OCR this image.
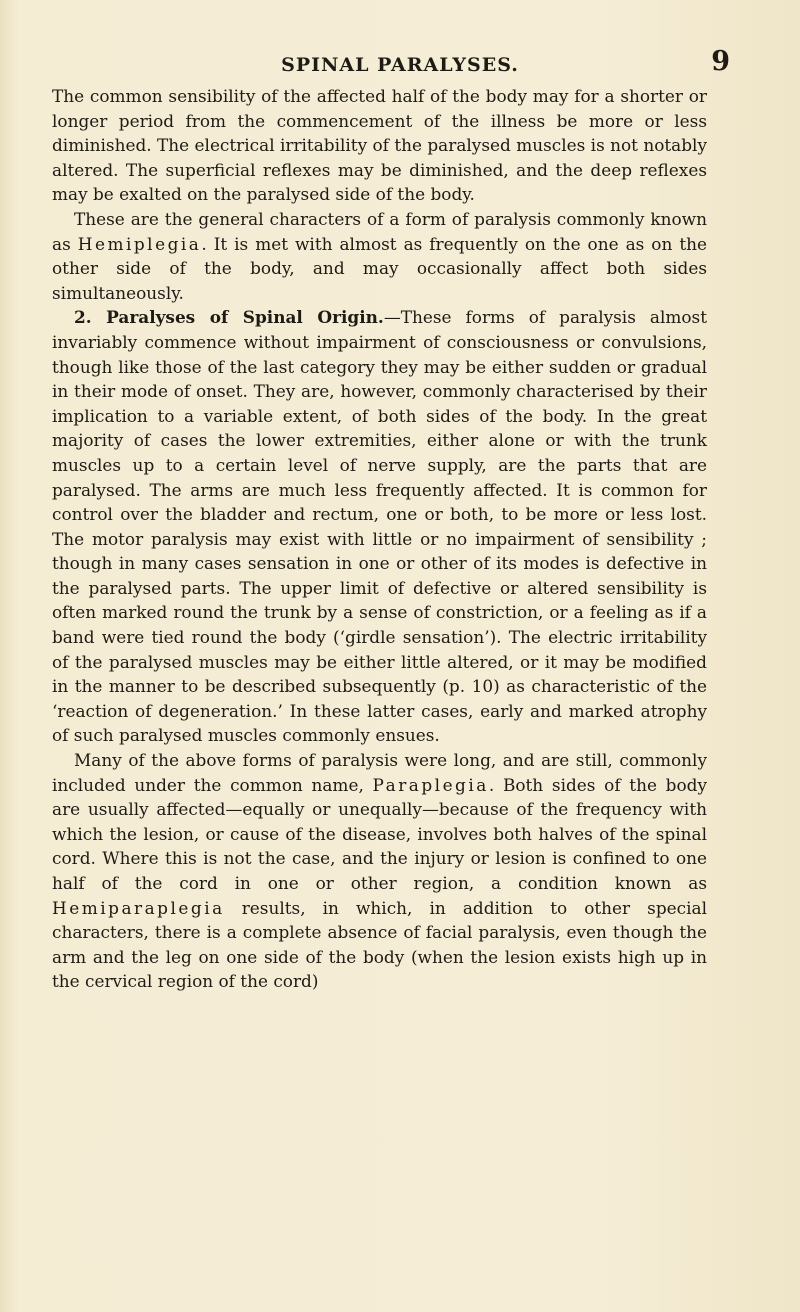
SPINAL PARALYSES.	9

The common sensibility of the affected half of the body may for a shorter or longer period from the commencement of the illness be more or less diminished. The electrical irritability of the paralysed muscles is not notably altered. The superficial reflexes may be diminished, and the deep reflexes may be exalted on the paralysed side of the body.

These are the general characters of a form of paralysis commonly known as Hemiplegia. It is met with almost as frequently on the one as on the other side of the body, and may occasionally affect both sides simultaneously.

2. Paralyses of Spinal Origin.—These forms of paralysis almost invariably commence without impairment of consciousness or convulsions, though like those of the last category they may be either sudden or gradual in their mode of onset. They are, however, commonly characterised by their implication to a variable extent, of both sides of the body. In the great majority of cases the lower extremities, either alone or with the trunk muscles up to a certain level of nerve supply, are the parts that are paralysed. The arms are much less frequently affected. It is common for control over the bladder and rectum, one or both, to be more or less lost. The motor paralysis may exist with little or no impairment of sensibility ; though in many cases sensation in one or other of its modes is defective in the paralysed parts. The upper limit of defective or altered sensibility is often marked round the trunk by a sense of constriction, or a feeling as if a band were tied round the body (‘girdle sensation’). The electric irritability of the paralysed muscles may be either little altered, or it may be modified in the manner to be described subsequently (p. 10) as characteristic of the ‘reaction of degeneration.’ In these latter cases, early and marked atrophy of such paralysed muscles commonly ensues.

Many of the above forms of paralysis were long, and are still, commonly included under the common name, Paraplegia. Both sides of the body are usually affected—equally or unequally—because of the frequency with which the lesion, or cause of the disease, involves both halves of the spinal cord. Where this is not the case, and the injury or lesion is confined to one half of the cord in one or other region, a condition known as Hemiparaplegia results, in which, in addition to other special characters, there is a complete absence of facial paralysis, even though the arm and the leg on one side of the body (when the lesion exists high up in the cervical region of the cord)
